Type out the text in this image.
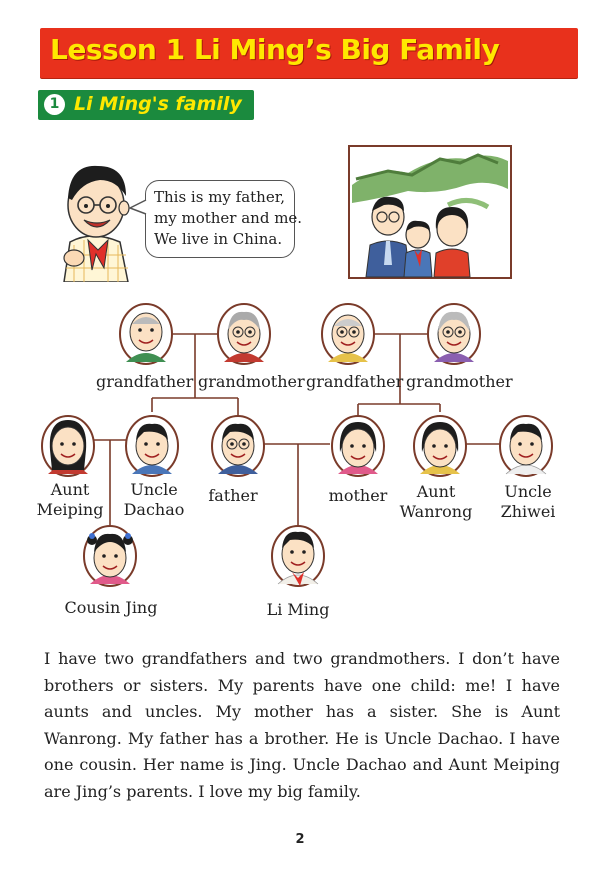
Lesson 1 Li Ming’s Big Family
1 Li Ming's family
This is my father,
my mother and me.
We live in China.
grandfather grandmother grandfather grandmother
Aunt
Meiping
Uncle
Dachao
father	mother	Aunt
Wanrong
Uncle
Zhiwei
Cousin Jing	Li Ming
I have two grandfathers and two grandmothers. I don’t have brothers or sisters. My parents have one child: me! I have aunts and uncles. My mother has a sister. She is Aunt Wanrong. My father has a brother. He is Uncle Dachao. I have one cousin. Her name is Jing. Uncle Dachao and Aunt Meiping are Jing’s parents. I love my big family.
2
